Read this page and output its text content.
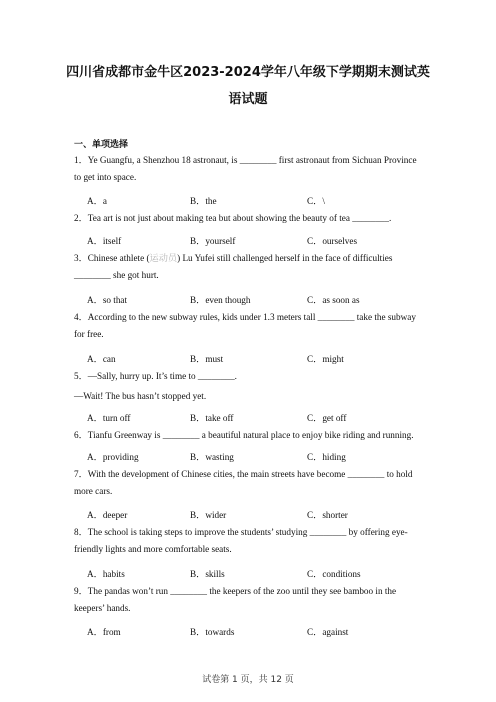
四川省成都市金牛区2023-2024学年八年级下学期期末测试英
语试题
一、单项选择
1．Ye Guangfu, a Shenzhou 18 astronaut, is ________ first astronaut from Sichuan Province to get into space.
A．a	B．the	C．\
2．Tea art is not just about making tea but about showing the beauty of tea ________.
A．itself	B．yourself	C．ourselves
3．Chinese athlete (运动员) Lu Yufei still challenged herself in the face of difficulties ________ she got hurt.
A．so that	B．even though	C．as soon as
4．According to the new subway rules, kids under 1.3 meters tall ________ take the subway for free.
A．can	B．must	C．might
5．—Sally, hurry up. It’s time to ________.
—Wait! The bus hasn’t stopped yet.
A．turn off	B．take off	C．get off
6．Tianfu Greenway is ________ a beautiful natural place to enjoy bike riding and running.
A．providing	B．wasting	C．hiding
7．With the development of Chinese cities, the main streets have become ________ to hold more cars.
A．deeper	B．wider	C．shorter
8．The school is taking steps to improve the students’ studying ________ by offering eye-friendly lights and more comfortable seats.
A．habits	B．skills	C．conditions
9．The pandas won’t run ________ the keepers of the zoo until they see bamboo in the keepers’ hands.
A．from	B．towards	C．against
试卷第 1 页，共 12 页
